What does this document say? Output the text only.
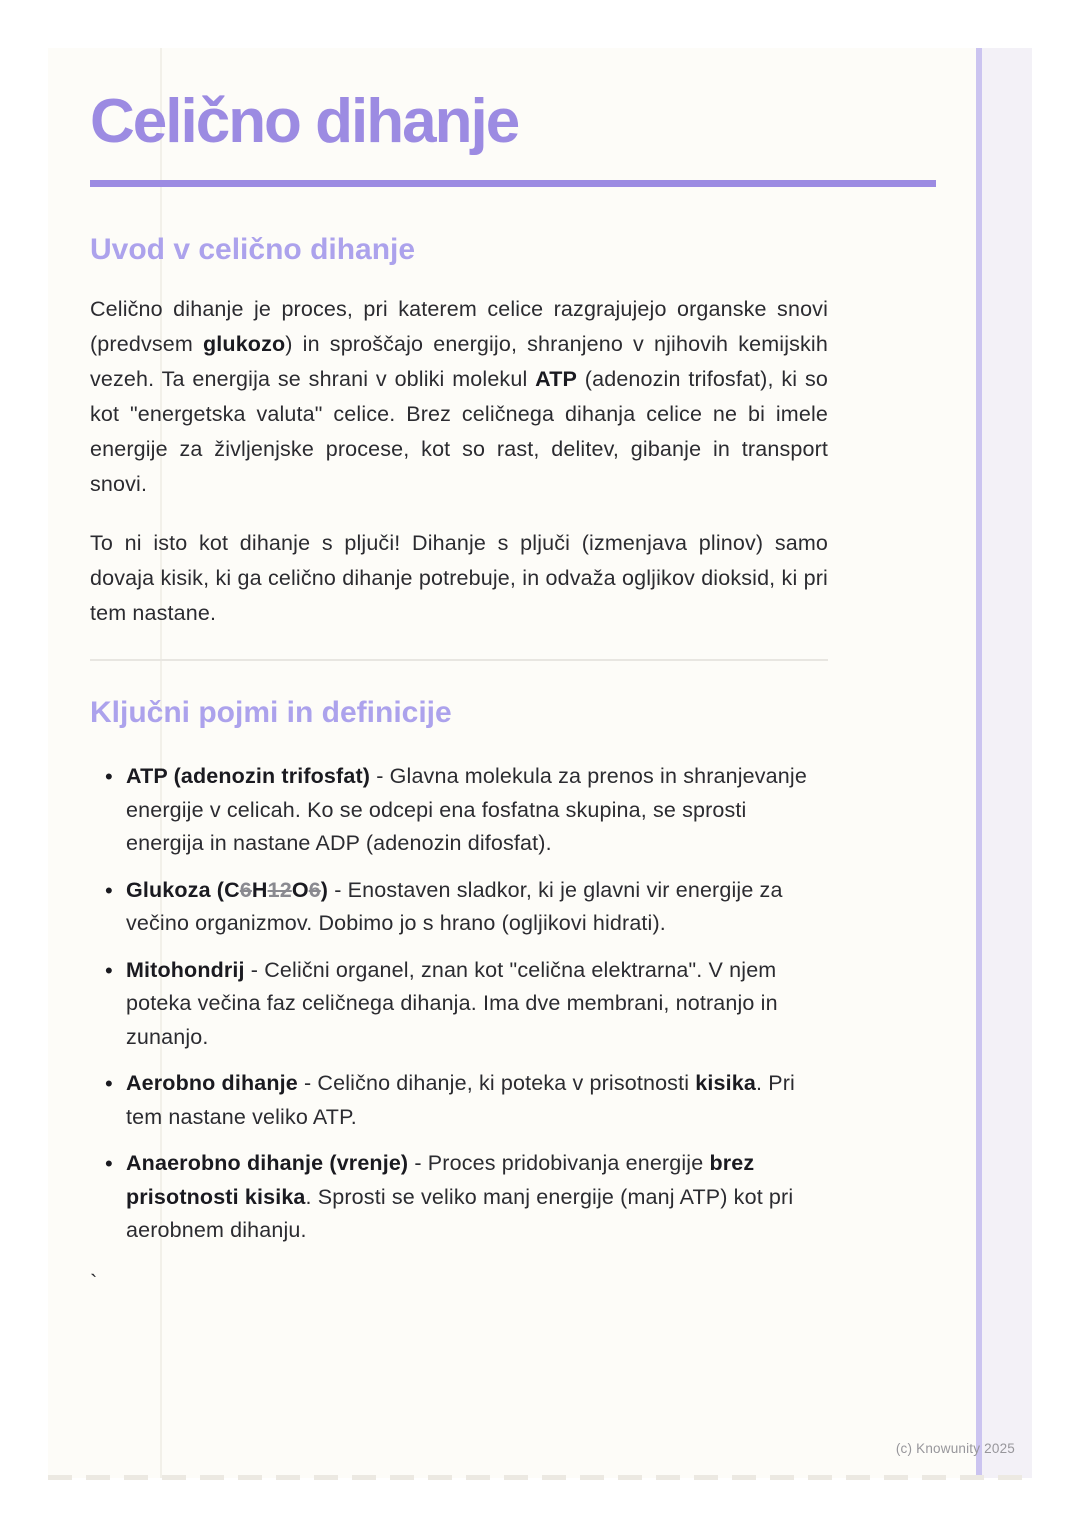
Celično dihanje
Uvod v celično dihanje

Celično dihanje je proces, pri katerem celice razgrajujejo organske snovi (predvsem glukozo) in sproščajo energijo, shranjeno v njihovih kemijskih vezeh. Ta energija se shrani v obliki molekul ATP (adenozin trifosfat), ki so kot "energetska valuta" celice. Brez celičnega dihanja celice ne bi imele energije za življenjske procese, kot so rast, delitev, gibanje in transport snovi.

To ni isto kot dihanje s pljuči! Dihanje s pljuči (izmenjava plinov) samo dovaja kisik, ki ga celično dihanje potrebuje, in odvaža ogljikov dioksid, ki pri tem nastane.

Ključni pojmi in definicije
• ATP (adenozin trifosfat) - Glavna molekula za prenos in shranjevanje energije v celicah. Ko se odcepi ena fosfatna skupina, se sprosti energija in nastane ADP (adenozin difosfat).
• Glukoza (C6H12O6) - Enostaven sladkor, ki je glavni vir energije za večino organizmov. Dobimo jo s hrano (ogljikovi hidrati).
• Mitohondrij - Celični organel, znan kot "celična elektrarna". V njem poteka večina faz celičnega dihanja. Ima dve membrani, notranjo in zunanjo.
• Aerobno dihanje - Celično dihanje, ki poteka v prisotnosti kisika. Pri tem nastane veliko ATP.
• Anaerobno dihanje (vrenje) - Proces pridobivanja energije brez prisotnosti kisika. Sprosti se veliko manj energije (manj ATP) kot pri aerobnem dihanju.
`
(c) Knowunity 2025
